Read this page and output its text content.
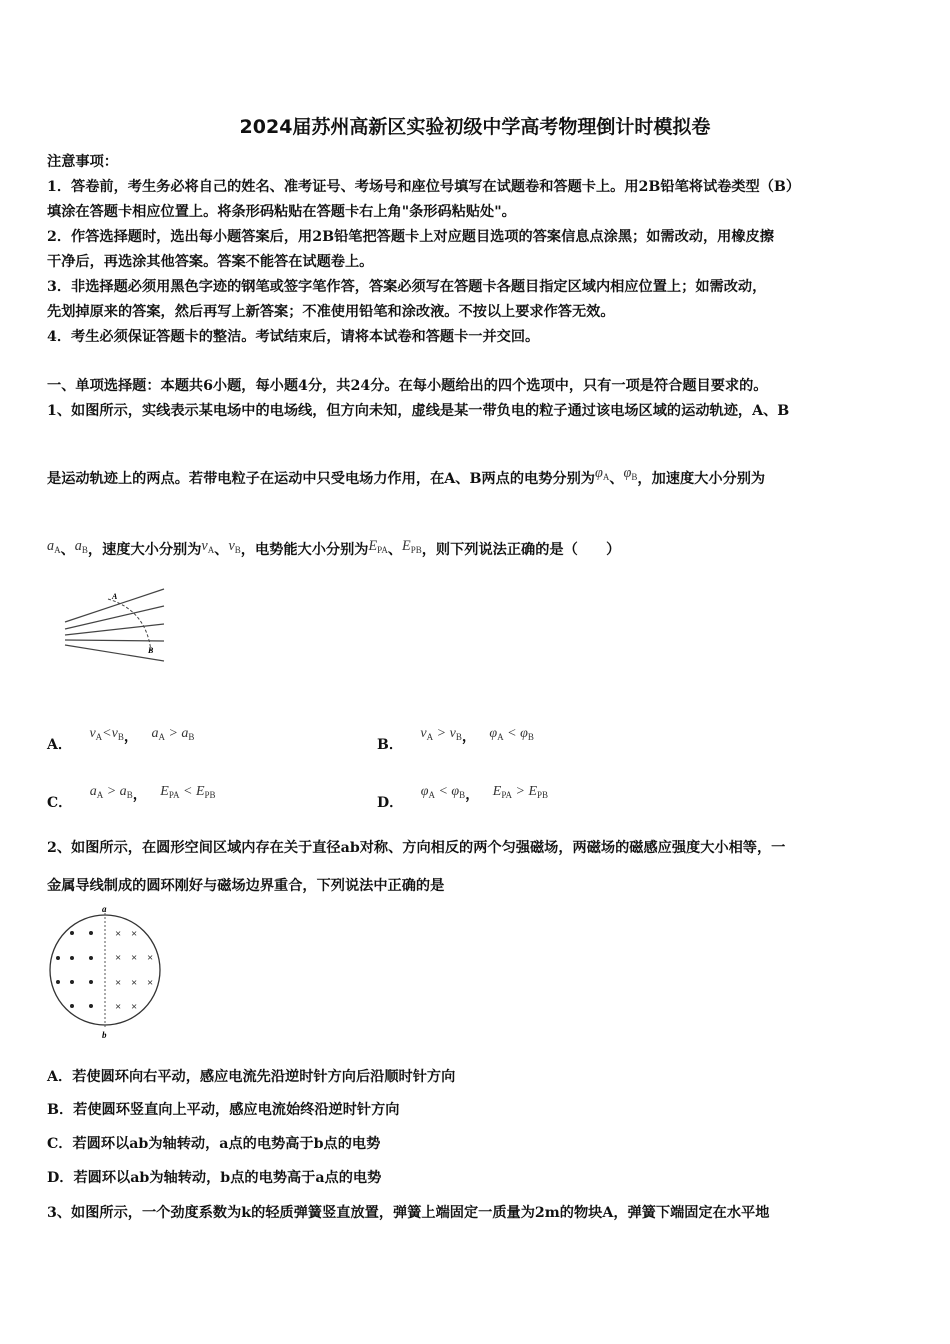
2024届苏州高新区实验初级中学高考物理倒计时模拟卷
注意事项：
1．答卷前，考生务必将自己的姓名、准考证号、考场号和座位号填写在试题卷和答题卡上。用2B铅笔将试卷类型（B）
填涂在答题卡相应位置上。将条形码粘贴在答题卡右上角"条形码粘贴处"。
2．作答选择题时，选出每小题答案后，用2B铅笔把答题卡上对应题目选项的答案信息点涂黑；如需改动，用橡皮擦
干净后，再选涂其他答案。答案不能答在试题卷上。
3．非选择题必须用黑色字迹的钢笔或签字笔作答，答案必须写在答题卡各题目指定区域内相应位置上；如需改动，
先划掉原来的答案，然后再写上新答案；不准使用铅笔和涂改液。不按以上要求作答无效。
4．考生必须保证答题卡的整洁。考试结束后，请将本试卷和答题卡一并交回。
一、单项选择题：本题共6小题，每小题4分，共24分。在每小题给出的四个选项中，只有一项是符合题目要求的。
1、如图所示，实线表示某电场中的电场线，但方向未知，虚线是某一带负电的粒子通过该电场区域的运动轨迹，A、B
是运动轨迹上的两点。若带电粒子在运动中只受电场力作用，在A、B两点的电势分别为$\varphi_A$、$\varphi_B$，加速度大小分别为
$a_A$、$a_B$，速度大小分别为$v_A$、$v_B$，电势能大小分别为$E_{PA}$、$E_{PB}$，则下列说法正确的是（　　）
A
B
A． $v_A<v_B$， $a_A > a_B$	B． $v_A > v_B$， $\varphi_A < \varphi_B$
C． $a_A > a_B$， $E_{PA} < E_{PB}$	D． $\varphi_A < \varphi_B$， $E_{PA} > E_{PB}$
2、如图所示，在圆形空间区域内存在关于直径ab对称、方向相反的两个匀强磁场，两磁场的磁感应强度大小相等，一
金属导线制成的圆环刚好与磁场边界重合，下列说法中正确的是
a
b
× ×
× × ×
× × ×
× ×
A．若使圆环向右平动，感应电流先沿逆时针方向后沿顺时针方向
B．若使圆环竖直向上平动，感应电流始终沿逆时针方向
C．若圆环以ab为轴转动，a点的电势高于b点的电势
D．若圆环以ab为轴转动，b点的电势高于a点的电势
3、如图所示，一个劲度系数为k的轻质弹簧竖直放置，弹簧上端固定一质量为2m的物块A，弹簧下端固定在水平地
